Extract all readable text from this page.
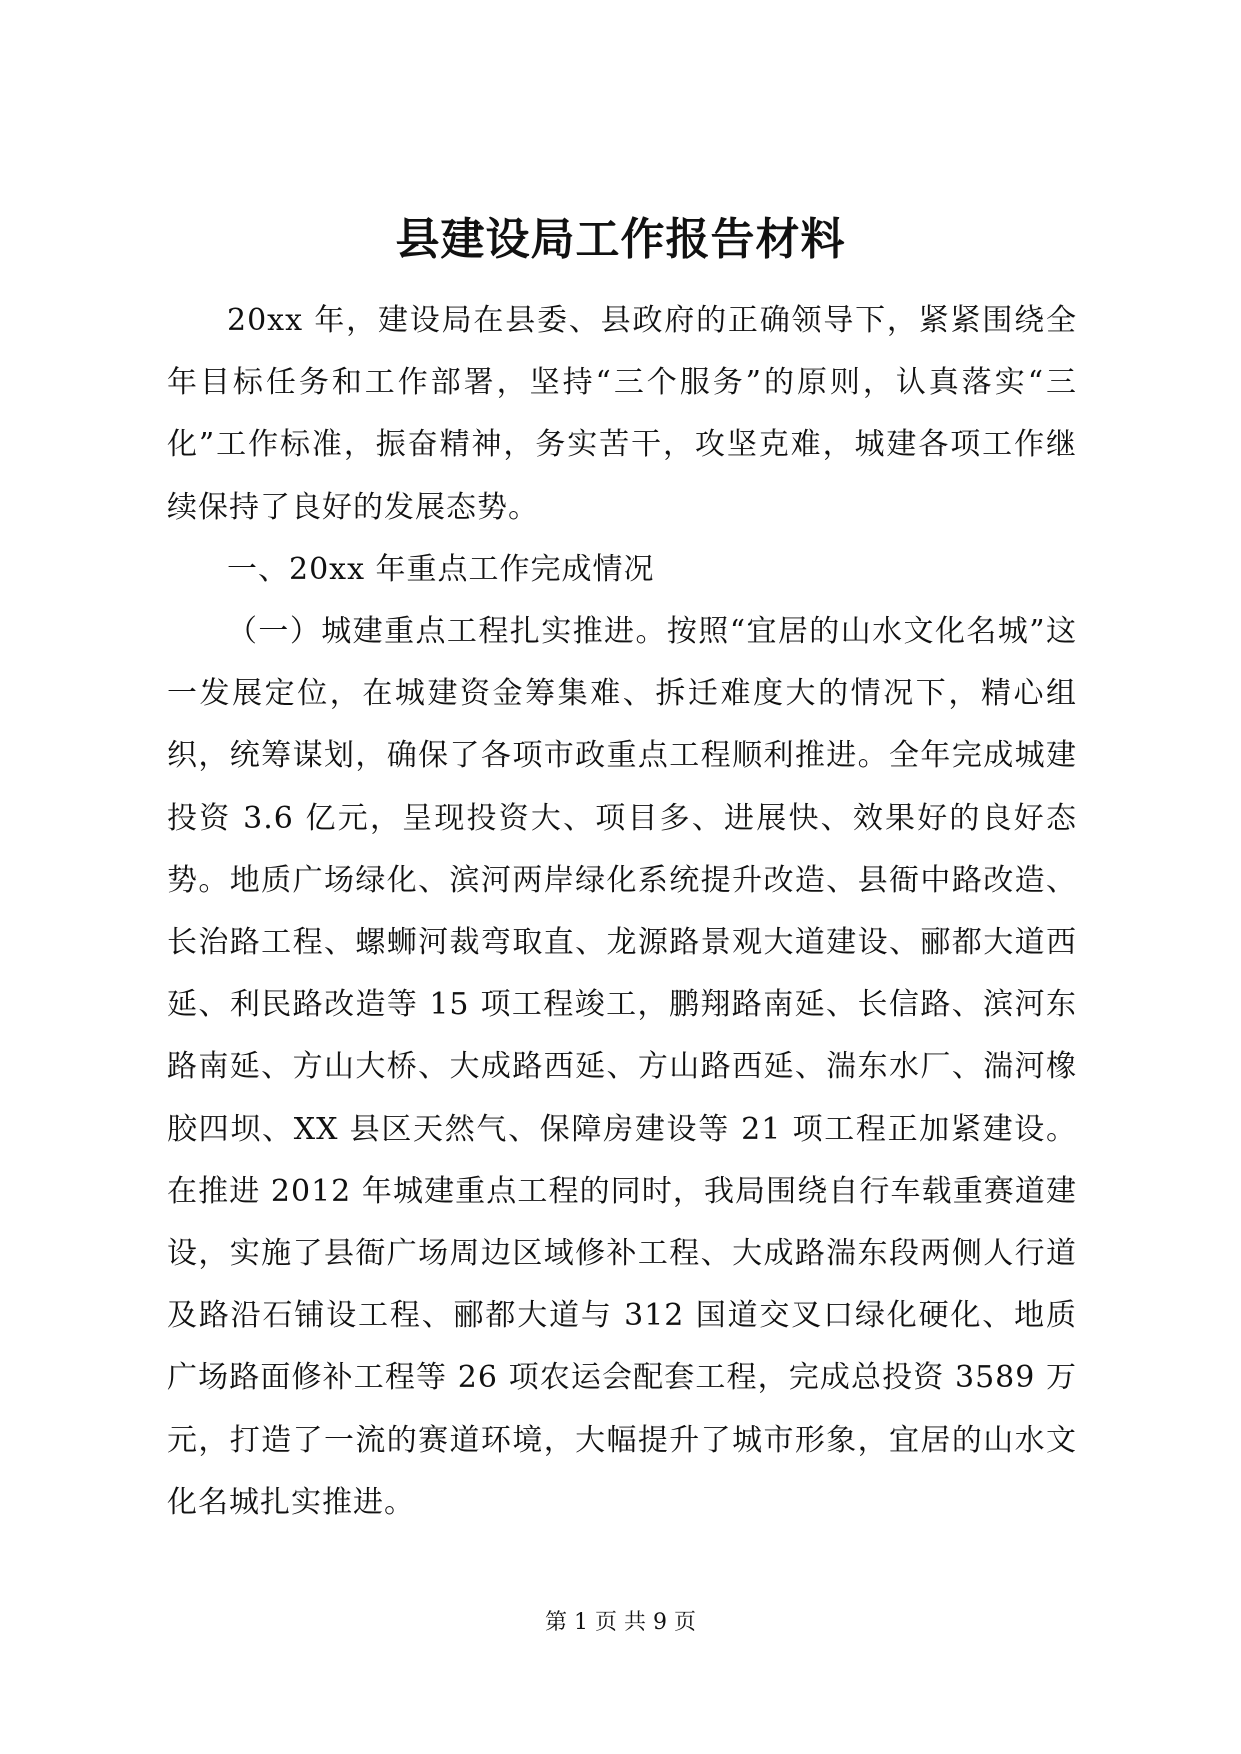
县建设局工作报告材料

20xx 年，建设局在县委、县政府的正确领导下，紧紧围绕全年目标任务和工作部署，坚持“三个服务”的原则，认真落实“三化”工作标准，振奋精神，务实苦干，攻坚克难，城建各项工作继续保持了良好的发展态势。

一、20xx 年重点工作完成情况

（一）城建重点工程扎实推进。按照“宜居的山水文化名城”这一发展定位，在城建资金筹集难、拆迁难度大的情况下，精心组织，统筹谋划，确保了各项市政重点工程顺利推进。全年完成城建投资 3.6 亿元，呈现投资大、项目多、进展快、效果好的良好态势。地质广场绿化、滨河两岸绿化系统提升改造、县衙中路改造、长治路工程、螺蛳河裁弯取直、龙源路景观大道建设、郦都大道西延、利民路改造等 15 项工程竣工，鹏翔路南延、长信路、滨河东路南延、方山大桥、大成路西延、方山路西延、湍东水厂、湍河橡胶四坝、XX 县区天然气、保障房建设等 21 项工程正加紧建设。在推进 2012 年城建重点工程的同时，我局围绕自行车载重赛道建设，实施了县衙广场周边区域修补工程、大成路湍东段两侧人行道及路沿石铺设工程、郦都大道与 312 国道交叉口绿化硬化、地质广场路面修补工程等 26 项农运会配套工程，完成总投资 3589 万元，打造了一流的赛道环境，大幅提升了城市形象，宜居的山水文化名城扎实推进。

第 1 页 共 9 页
